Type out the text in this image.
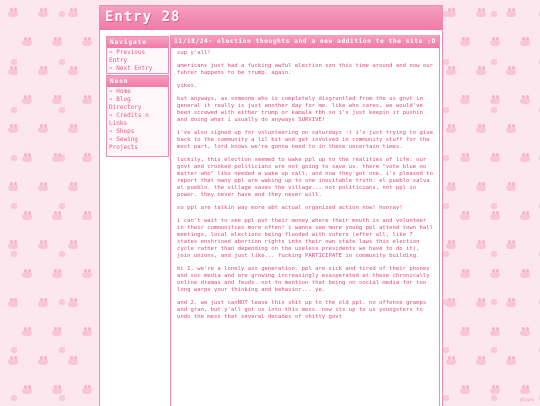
Entry 28
Navigate
» Previous Entry
» Next Entry
Neon
» Home
» Blog Directory
» Credits n Links
» Shops
» Sewing Projects
11/18/24- election thoughts and a new addition to the site :D

sup y'all!

americans just had a fucking awful election szn this time around and now our fuhrer happens to be trump. again.

yikes.

but anyways, as someone who is completely disgruntled from the us govt in general it really is just another day for me. like who cares, we would've been screwed with either trump or kamala tbh so i's just keepin it pushin and doing what i usually do anyways SURVIVE!

i've also signed up for volunteering on saturdays :) i's just trying to give back to the community a lil bit and get involved in community stuff for the most part, lord knows we're gonna need to in these uncertain times.

luckily, this election seemed to wake ppl up to the realities of life: our govt and crooked politicians are not going to save us. there "vote blue no matter who" libs needed a wake up call, and now they got one. i's pleased to report that many ppl are waking up to one inevitable truth: el pueblo salva el pueblo. the village saves the village... not politicians, not ppl in power. they never have and they never will.

so ppl are talkin way more abt actual organized action now! hooray!

i can't wait to see ppl put their money where their mouth is and volunteer in their communities more often! i wanna see more young ppl attend town hall meetings, local elections being flooded with voters (after all, like 7 states enshrined abortion rights into their own state laws this election cycle rather than depending on the useless presidents we have to do it), join unions, and just like... fucking PARTICIPATE in community building.

bc 1. we're a lonely ass generation. ppl are sick and tired of their phones and soc media and are growing increasingly exasperated at these chronically online dramas and feuds. not to mention that being on social media for too long warps your thinking and behavior... ye.

and 2. we just canNOT leave this shit up to the old ppl. no offense gramps and gran, but y'all got us into this mess. now its up to us youngsters to undo the mess that several decades of shitty govt

@layno
